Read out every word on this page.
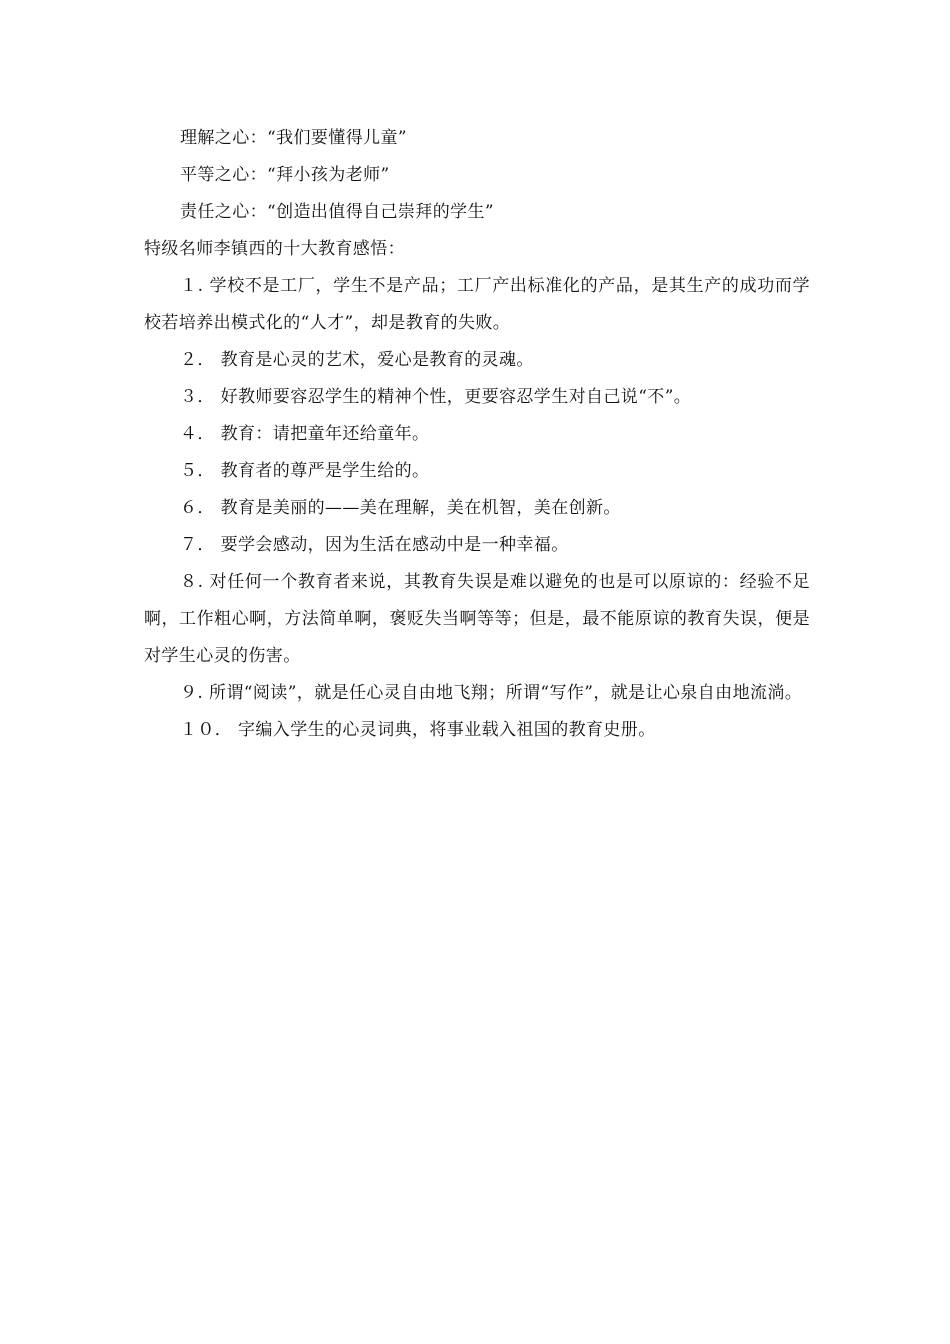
理解之心：“我们要懂得儿童”
平等之心：“拜小孩为老师”
责任之心：“创造出值得自己崇拜的学生”
特级名师李镇西的十大教育感悟：

１. 学校不是工厂，学生不是产品；工厂产出标准化的产品，是其生产的成功而学校若培养出模式化的“人才”，却是教育的失败。

２． 教育是心灵的艺术，爱心是教育的灵魂。

３． 好教师要容忍学生的精神个性，更要容忍学生对自己说“不”。

４． 教育：请把童年还给童年。

５． 教育者的尊严是学生给的。

６． 教育是美丽的——美在理解，美在机智，美在创新。

７． 要学会感动，因为生活在感动中是一种幸福。

８. 对任何一个教育者来说，其教育失误是难以避免的也是可以原谅的：经验不足啊，工作粗心啊，方法简单啊，褒贬失当啊等等；但是，最不能原谅的教育失误，便是对学生心灵的伤害。

９. 所谓“阅读”，就是任心灵自由地飞翔；所谓“写作”，就是让心泉自由地流淌。

１０． 字编入学生的心灵词典，将事业载入祖国的教育史册。
